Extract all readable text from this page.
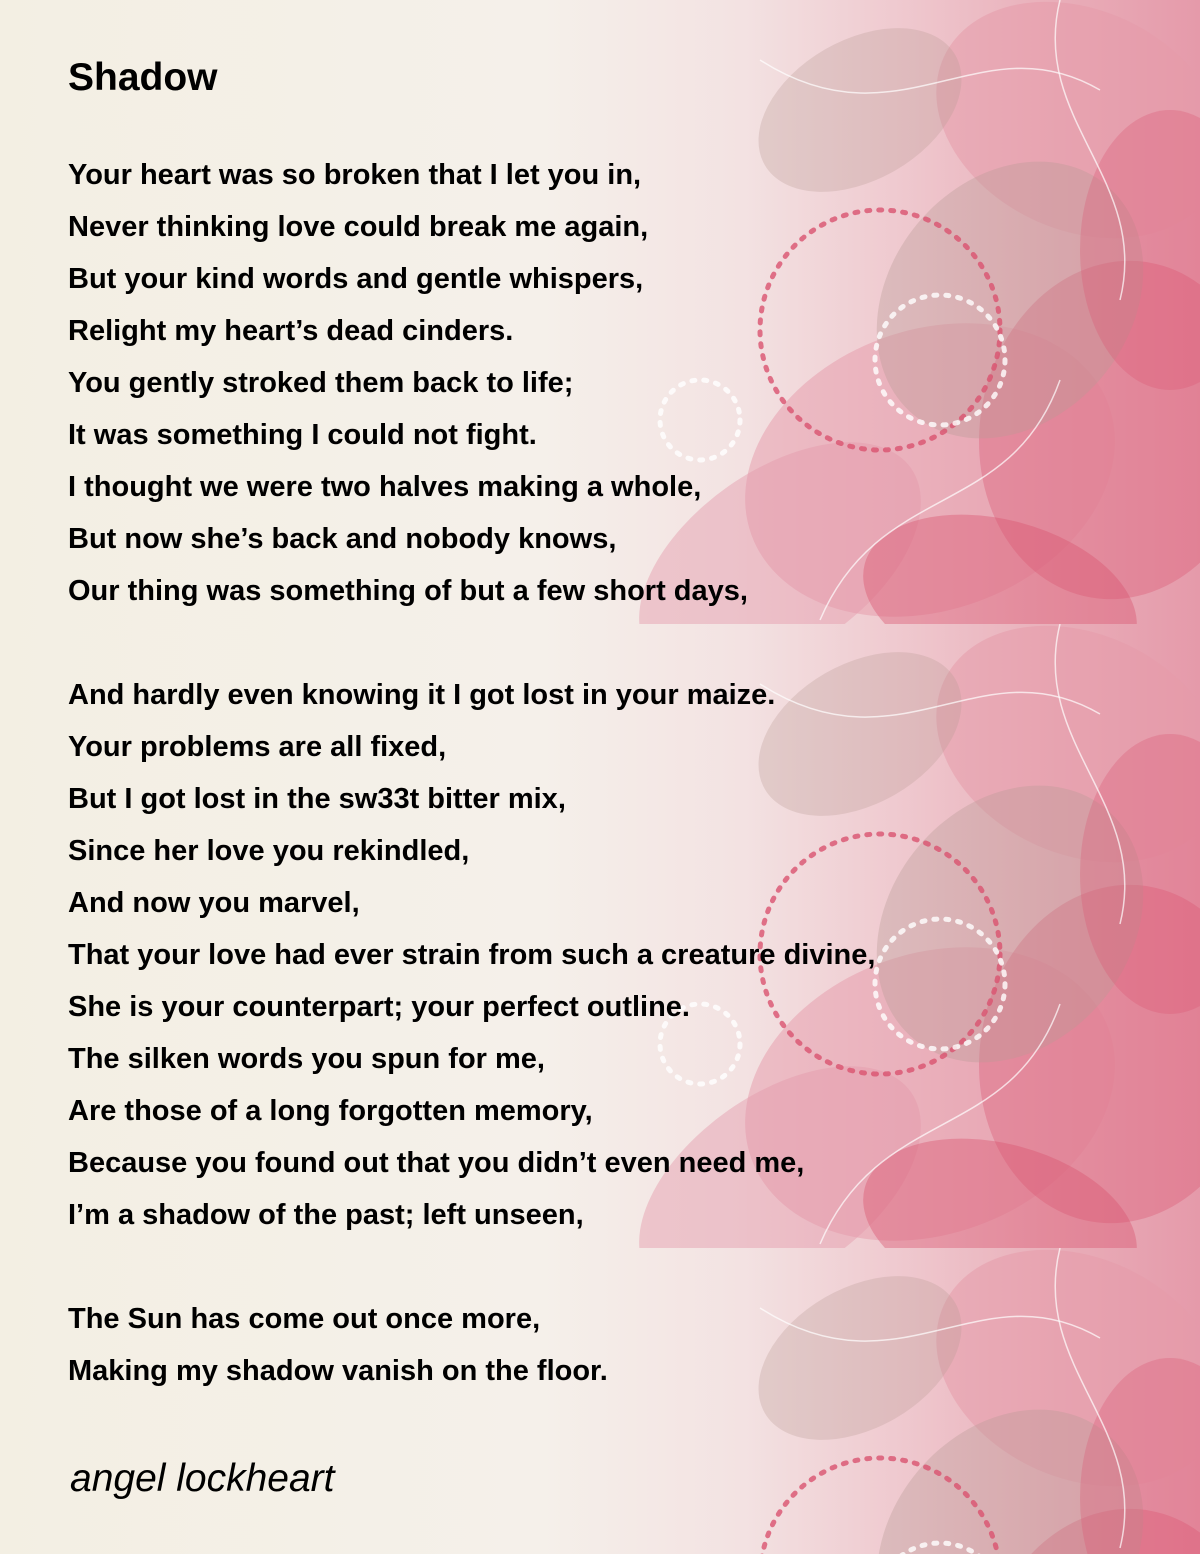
Shadow
Your heart was so broken that I let you in,
Never thinking love could break me again,
But your kind words and gentle whispers,
Relight my heart’s dead cinders.
You gently stroked them back to life;
It was something I could not fight.
I thought we were two halves making a whole,
But now she’s back and nobody knows,
Our thing was something of but a few short days,
And hardly even knowing it I got lost in your maize.
Your problems are all fixed,
But I got lost in the sw33t bitter mix,
Since her love you rekindled,
And now you marvel,
That your love had ever strain from such a creature divine,
She is your counterpart; your perfect outline.
The silken words you spun for me,
Are those of a long forgotten memory,
Because you found out that you didn’t even need me,
I’m a shadow of the past; left unseen,
The Sun has come out once more,
Making my shadow vanish on the floor.
angel lockheart
